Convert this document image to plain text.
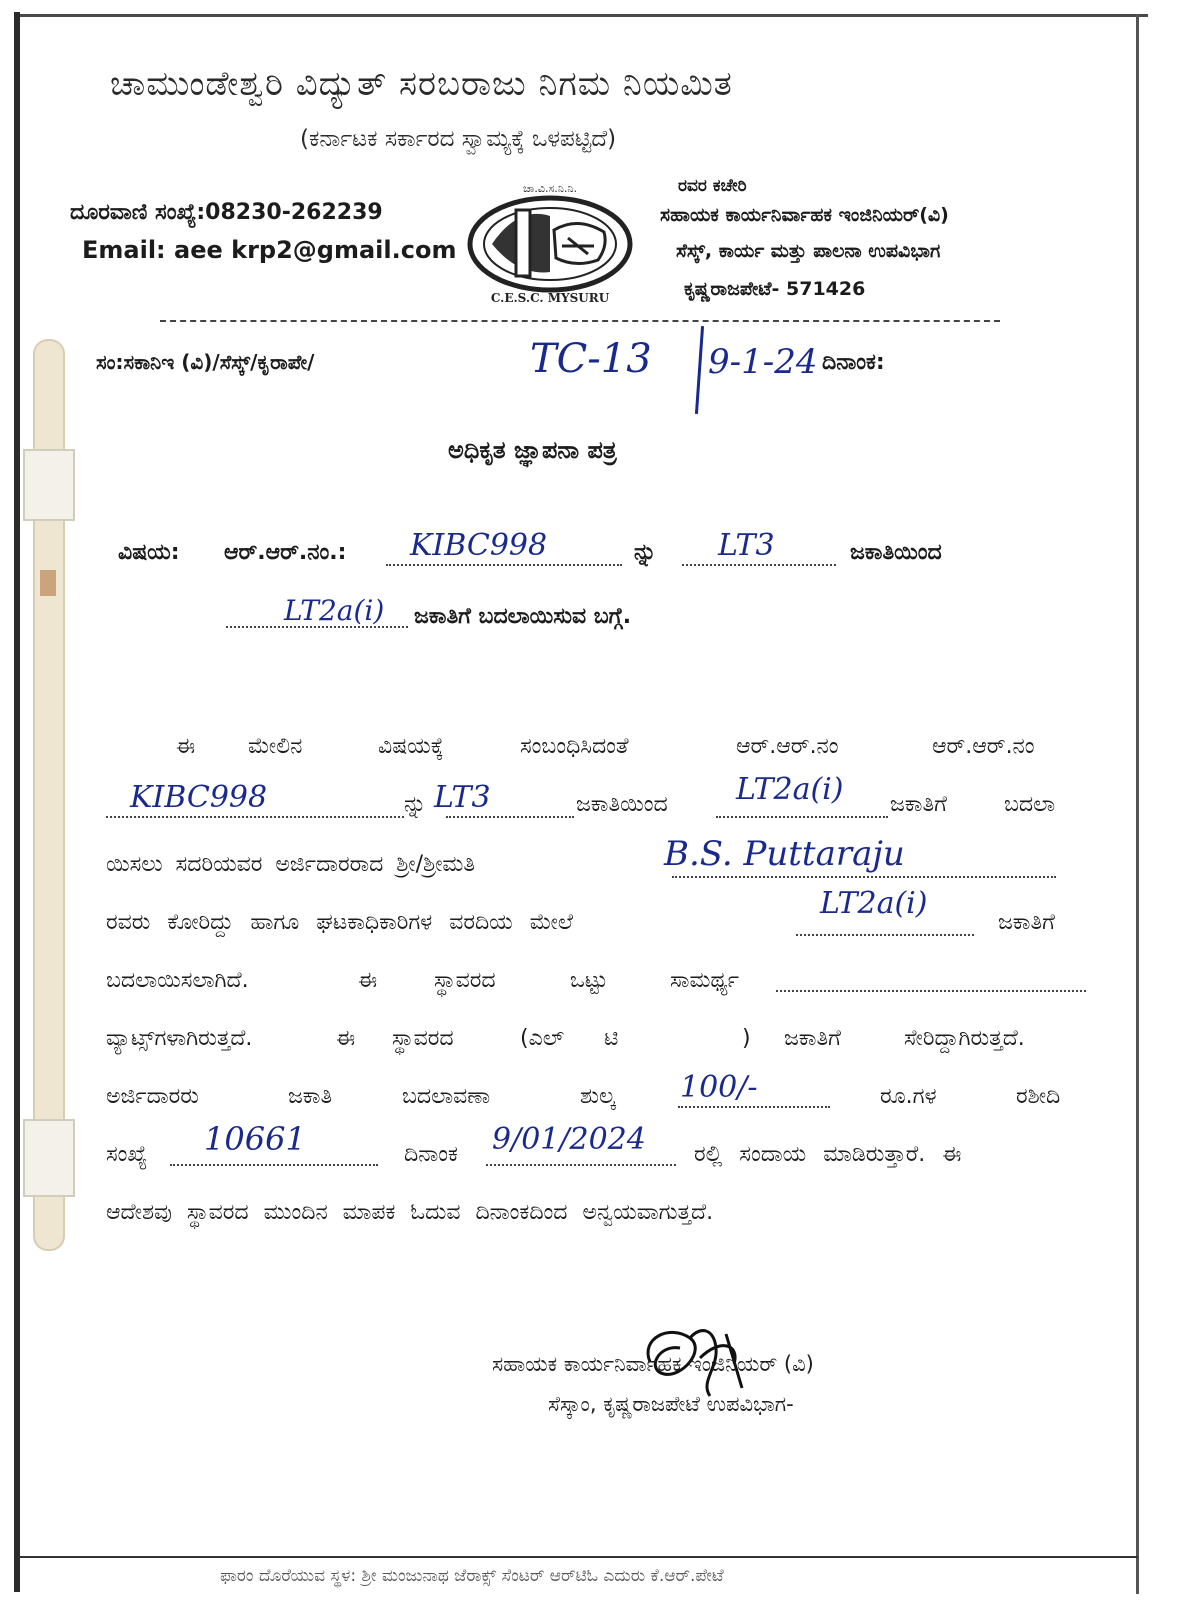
ಚಾಮುಂಡೇಶ್ವರಿ ವಿದ್ಯುತ್ ಸರಬರಾಜು ನಿಗಮ ನಿಯಮಿತ
(ಕರ್ನಾಟಕ ಸರ್ಕಾರದ ಸ್ವಾಮ್ಯಕ್ಕೆ ಒಳಪಟ್ಟಿದೆ)
ದೂರವಾಣಿ ಸಂಖ್ಯೆ:08230-262239
Email: aee krp2@gmail.com
ಚಾ.ವಿ.ಸ.ನಿ.ನಿ.
C.E.S.C. MYSURU
ರವರ ಕಚೇರಿ
ಸಹಾಯಕ ಕಾರ್ಯನಿರ್ವಾಹಕ ಇಂಜಿನಿಯರ್(ವಿ)
ಸೆಸ್ಕ್, ಕಾರ್ಯ ಮತ್ತು ಪಾಲನಾ ಉಪವಿಭಾಗ
ಕೃಷ್ಣರಾಜಪೇಟೆ- 571426
ಸಂ:ಸಕಾನಿಇ (ವಿ)/ಸೆಸ್ಕ್/ಕೃರಾಪೇ/	TC-13 9-1-24 ದಿನಾಂಕ:
ಅಧಿಕೃತ ಜ್ಞಾಪನಾ ಪತ್ರ
ವಿಷಯ: ಆರ್.ಆರ್.ನಂ.: KIBC998	ನ್ನು LT3	ಜಕಾತಿಯಿಂದ
LT2a(i) ಜಕಾತಿಗೆ ಬದಲಾಯಿಸುವ ಬಗ್ಗೆ.
ಈ ಮೇಲಿನ	ವಿಷಯಕ್ಕೆ	ಸಂಬಂಧಿಸಿದಂತೆ	ಆರ್.ಆರ್.ನಂ	ಆರ್.ಆರ್.ನಂ
KIBC998	ನ್ನು LT3	ಜಕಾತಿಯಿಂದ LT2a(i) ಜಕಾತಿಗೆ	ಬದಲಾ
ಯಿಸಲು ಸದರಿಯವರ ಅರ್ಜಿದಾರರಾದ ಶ್ರೀ/ಶ್ರೀಮತಿ	B.S. Puttaraju
ರವರು ಕೋರಿದ್ದು ಹಾಗೂ ಘಟಕಾಧಿಕಾರಿಗಳ ವರದಿಯ ಮೇಲೆ
LT2a(i)
ಜಕಾತಿಗೆ
ಬದಲಾಯಿಸಲಾಗಿದೆ.	ಈ	ಸ್ಥಾವರದ	ಒಟ್ಟು	ಸಾಮರ್ಥ್ಯ
ವ್ಯಾಟ್ಸ್‌ಗಳಾಗಿರುತ್ತದೆ.	ಈ ಸ್ಥಾವರದ	(ಎಲ್ ಟಿ	) ಜಕಾತಿಗೆ	ಸೇರಿದ್ದಾಗಿರುತ್ತದೆ.
ಅರ್ಜಿದಾರರು	ಜಕಾತಿ	ಬದಲಾವಣಾ	ಶುಲ್ಕ 100/-	ರೂ.ಗಳ	ರಶೀದಿ
ಸಂಖ್ಯೆ 10661	ದಿನಾಂಕ 9/01/2024 ರಲ್ಲಿ ಸಂದಾಯ ಮಾಡಿರುತ್ತಾರೆ. ಈ
ಆದೇಶವು ಸ್ಥಾವರದ ಮುಂದಿನ ಮಾಪಕ ಓದುವ ದಿನಾಂಕದಿಂದ ಅನ್ವಯವಾಗುತ್ತದೆ.
ಸಹಾಯಕ ಕಾರ್ಯನಿರ್ವಾಹಕ ಇಂಜಿನಿಯರ್ (ವಿ)
ಸೆಸ್ಕಾಂ, ಕೃಷ್ಣರಾಜಪೇಟೆ ಉಪವಿಭಾಗ-
ಫಾರಂ ದೊರೆಯುವ ಸ್ಥಳ: ಶ್ರೀ ಮಂಜುನಾಥ ಜೆರಾಕ್ಸ್ ಸೆಂಟರ್ ಆರ್‌ಟಿಓ ಎದುರು ಕೆ.ಆರ್.ಪೇಟೆ
